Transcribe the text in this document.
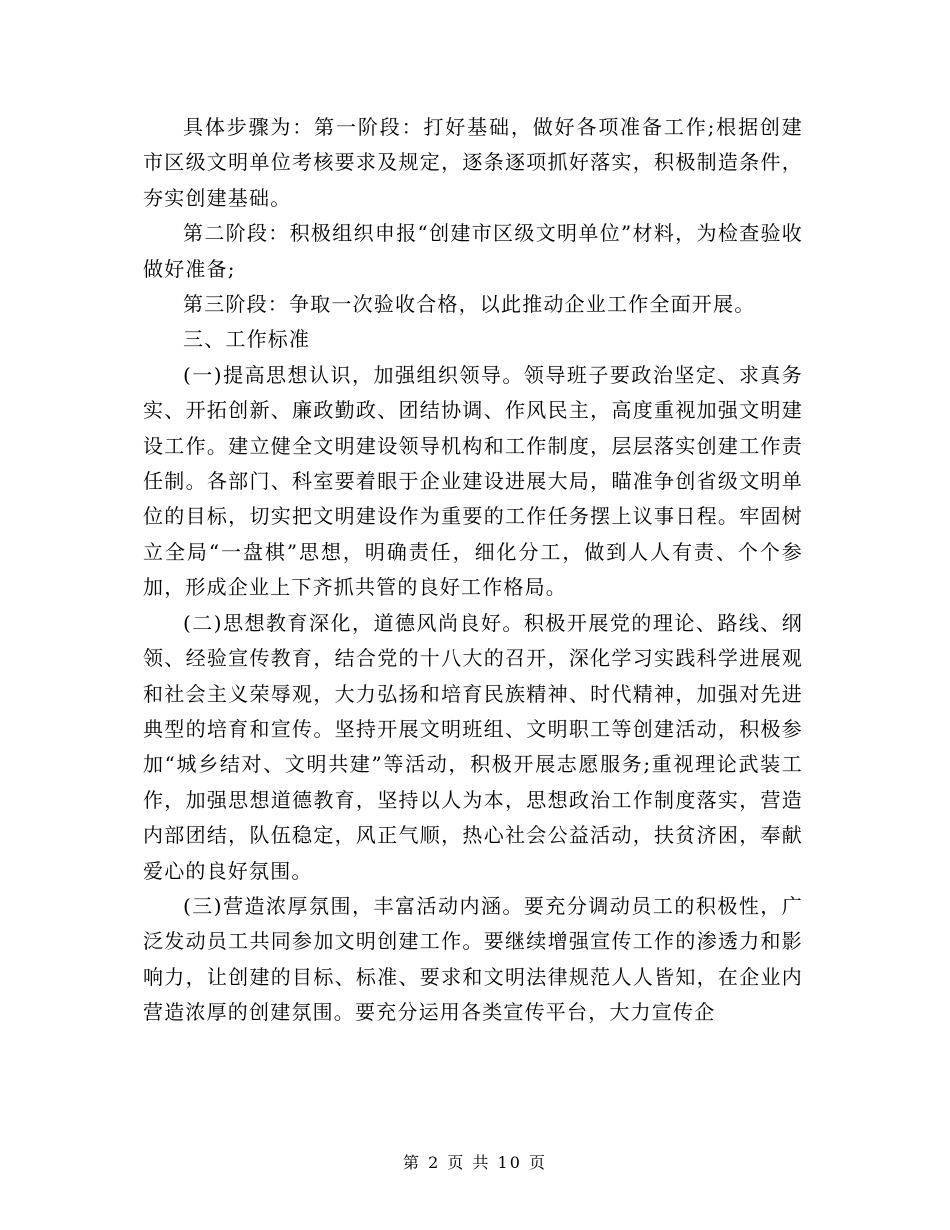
具体步骤为：第一阶段：打好基础，做好各项准备工作;根据创建市区级文明单位考核要求及规定，逐条逐项抓好落实，积极制造条件，夯实创建基础。

第二阶段：积极组织申报“创建市区级文明单位”材料，为检查验收做好准备;

第三阶段：争取一次验收合格，以此推动企业工作全面开展。

三、工作标准

(一)提高思想认识，加强组织领导。领导班子要政治坚定、求真务实、开拓创新、廉政勤政、团结协调、作风民主，高度重视加强文明建设工作。建立健全文明建设领导机构和工作制度，层层落实创建工作责任制。各部门、科室要着眼于企业建设进展大局，瞄准争创省级文明单位的目标，切实把文明建设作为重要的工作任务摆上议事日程。牢固树立全局“一盘棋”思想，明确责任，细化分工，做到人人有责、个个参加，形成企业上下齐抓共管的良好工作格局。

(二)思想教育深化，道德风尚良好。积极开展党的理论、路线、纲领、经验宣传教育，结合党的十八大的召开，深化学习实践科学进展观和社会主义荣辱观，大力弘扬和培育民族精神、时代精神，加强对先进典型的培育和宣传。坚持开展文明班组、文明职工等创建活动，积极参加“城乡结对、文明共建”等活动，积极开展志愿服务;重视理论武装工作，加强思想道德教育，坚持以人为本，思想政治工作制度落实，营造内部团结，队伍稳定，风正气顺，热心社会公益活动，扶贫济困，奉献爱心的良好氛围。

(三)营造浓厚氛围，丰富活动内涵。要充分调动员工的积极性，广泛发动员工共同参加文明创建工作。要继续增强宣传工作的渗透力和影响力，让创建的目标、标准、要求和文明法律规范人人皆知，在企业内营造浓厚的创建氛围。要充分运用各类宣传平台，大力宣传企

第 2 页 共 10 页
